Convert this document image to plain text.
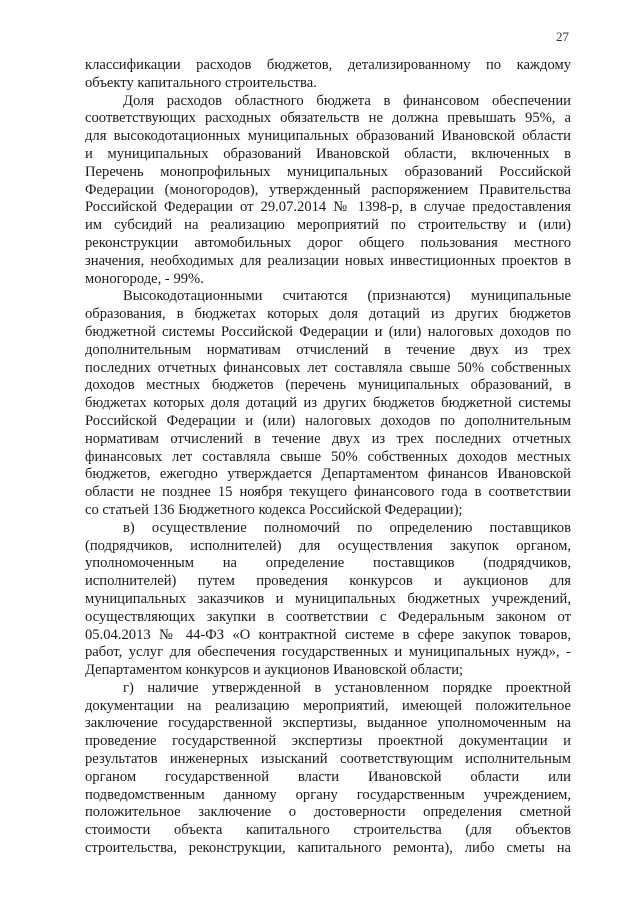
27
классификации расходов бюджетов, детализированному по каждому
объекту капитального строительства.
Доля расходов областного бюджета в финансовом обеспечении
соответствующих расходных обязательств не должна превышать 95%, а
для высокодотационных муниципальных образований Ивановской области
и муниципальных образований Ивановской области, включенных в
Перечень монопрофильных муниципальных образований Российской
Федерации (моногородов), утвержденный распоряжением Правительства
Российской Федерации от 29.07.2014 № 1398-р, в случае предоставления
им субсидий на реализацию мероприятий по строительству и (или)
реконструкции автомобильных дорог общего пользования местного
значения, необходимых для реализации новых инвестиционных проектов в
моногороде, - 99%.
Высокодотационными считаются (признаются) муниципальные
образования, в бюджетах которых доля дотаций из других бюджетов
бюджетной системы Российской Федерации и (или) налоговых доходов по
дополнительным нормативам отчислений в течение двух из трех
последних отчетных финансовых лет составляла свыше 50% собственных
доходов местных бюджетов (перечень муниципальных образований, в
бюджетах которых доля дотаций из других бюджетов бюджетной системы
Российской Федерации и (или) налоговых доходов по дополнительным
нормативам отчислений в течение двух из трех последних отчетных
финансовых лет составляла свыше 50% собственных доходов местных
бюджетов, ежегодно утверждается Департаментом финансов Ивановской
области не позднее 15 ноября текущего финансового года в соответствии
со статьей 136 Бюджетного кодекса Российской Федерации);
в) осуществление полномочий по определению поставщиков
(подрядчиков, исполнителей) для осуществления закупок органом,
уполномоченным на определение поставщиков (подрядчиков,
исполнителей) путем проведения конкурсов и аукционов для
муниципальных заказчиков и муниципальных бюджетных учреждений,
осуществляющих закупки в соответствии с Федеральным законом от
05.04.2013 № 44-ФЗ «О контрактной системе в сфере закупок товаров,
работ, услуг для обеспечения государственных и муниципальных нужд», -
Департаментом конкурсов и аукционов Ивановской области;
г) наличие утвержденной в установленном порядке проектной
документации на реализацию мероприятий, имеющей положительное
заключение государственной экспертизы, выданное уполномоченным на
проведение государственной экспертизы проектной документации и
результатов инженерных изысканий соответствующим исполнительным
органом государственной власти Ивановской области или
подведомственным данному органу государственным учреждением,
положительное заключение о достоверности определения сметной
стоимости объекта капитального строительства (для объектов
строительства, реконструкции, капитального ремонта), либо сметы на
